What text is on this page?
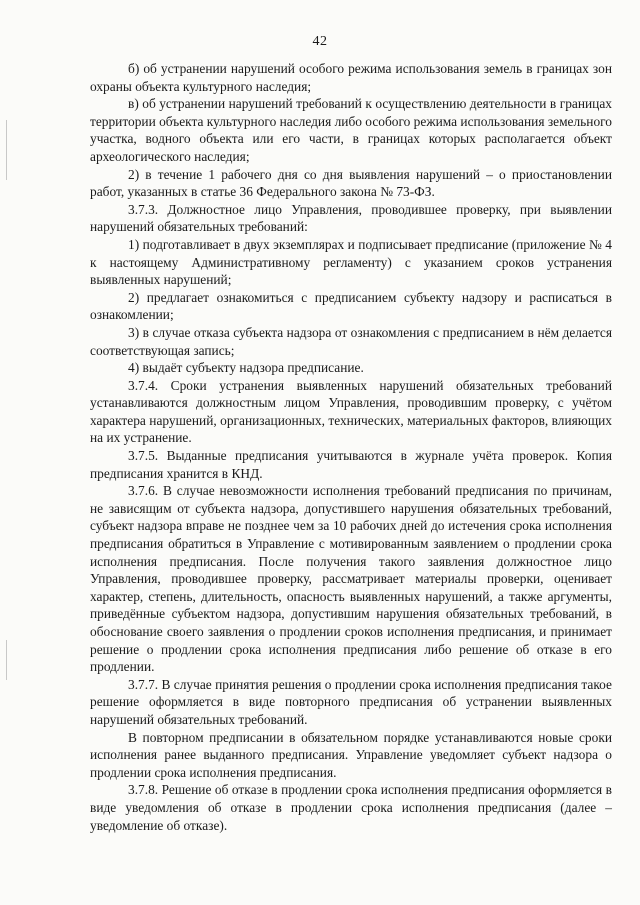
42

б) об устранении нарушений особого режима использования земель в границах зон охраны объекта культурного наследия;

в) об устранении нарушений требований к осуществлению деятельности в границах территории объекта культурного наследия либо особого режима использования земельного участка, водного объекта или его части, в границах которых располагается объект археологического наследия;

2) в течение 1 рабочего дня со дня выявления нарушений – о приостановлении работ, указанных в статье 36 Федерального закона № 73-ФЗ.

3.7.3. Должностное лицо Управления, проводившее проверку, при выявлении нарушений обязательных требований:

1) подготавливает в двух экземплярах и подписывает предписание (приложение № 4 к настоящему Административному регламенту) с указанием сроков устранения выявленных нарушений;

2) предлагает ознакомиться с предписанием субъекту надзору и расписаться в ознакомлении;

3) в случае отказа субъекта надзора от ознакомления с предписанием в нём делается соответствующая запись;

4) выдаёт субъекту надзора предписание.

3.7.4. Сроки устранения выявленных нарушений обязательных требований устанавливаются должностным лицом Управления, проводившим проверку, с учётом характера нарушений, организационных, технических, материальных факторов, влияющих на их устранение.

3.7.5. Выданные предписания учитываются в журнале учёта проверок. Копия предписания хранится в КНД.

3.7.6. В случае невозможности исполнения требований предписания по причинам, не зависящим от субъекта надзора, допустившего нарушения обязательных требований, субъект надзора вправе не позднее чем за 10 рабочих дней до истечения срока исполнения предписания обратиться в Управление с мотивированным заявлением о продлении срока исполнения предписания. После получения такого заявления должностное лицо Управления, проводившее проверку, рассматривает материалы проверки, оценивает характер, степень, длительность, опасность выявленных нарушений, а также аргументы, приведённые субъектом надзора, допустившим нарушения обязательных требований, в обоснование своего заявления о продлении сроков исполнения предписания, и принимает решение о продлении срока исполнения предписания либо решение об отказе в его продлении.

3.7.7. В случае принятия решения о продлении срока исполнения предписания такое решение оформляется в виде повторного предписания об устранении выявленных нарушений обязательных требований.

В повторном предписании в обязательном порядке устанавливаются новые сроки исполнения ранее выданного предписания. Управление уведомляет субъект надзора о продлении срока исполнения предписания.

3.7.8. Решение об отказе в продлении срока исполнения предписания оформляется в виде уведомления об отказе в продлении срока исполнения предписания (далее – уведомление об отказе).
